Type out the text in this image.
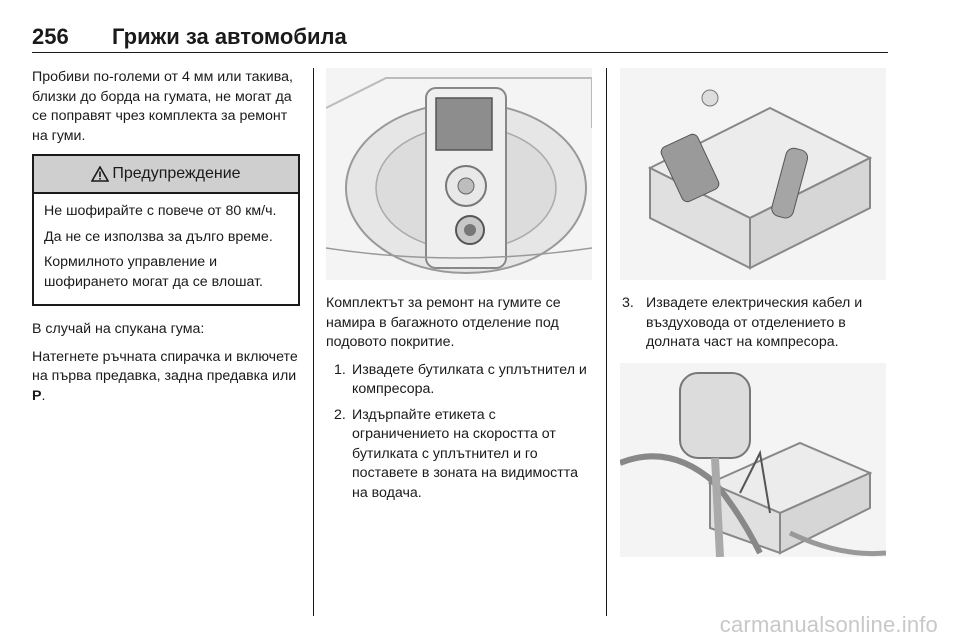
256 Грижи за автомобила

Пробиви по-големи от 4 мм или такива, близки до борда на гумата, не могат да се поправят чрез комплекта за ремонт на гуми.

Предупреждение

Не шофирайте с повече от 80 км/ч.

Да не се използва за дълго време.

Кормилното управление и шофирането могат да се влошат.

В случай на спукана гума:

Натегнете ръчната спирачка и включете на първа предавка, задна предавка или P.

Комплектът за ремонт на гумите се намира в багажното отделение под подовото покритие.

1. Извадете бутилката с уплътнител и компресора.
2. Издърпайте етикета с ограничението на скоростта от бутилката с уплътнител и го поставете в зоната на видимостта на водача.
3. Извадете електрическия кабел и въздуховода от отделението в долната част на компресора.
carmanualsonline.info
